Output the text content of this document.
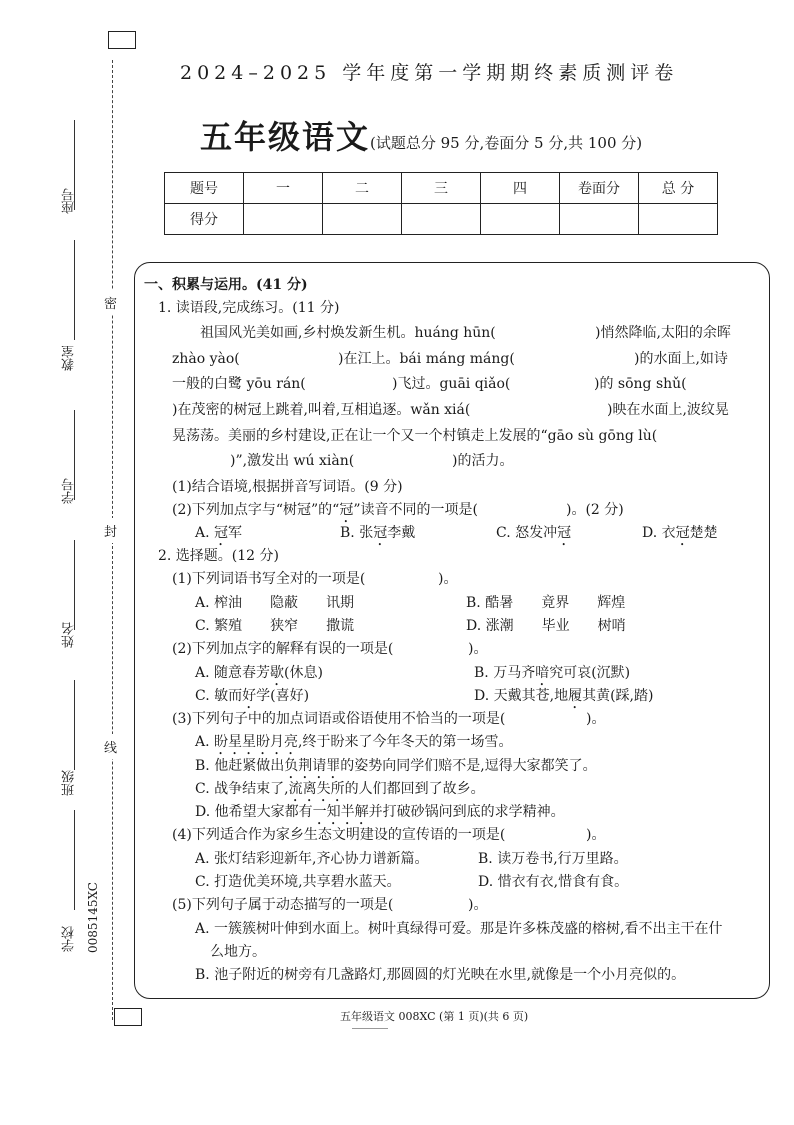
2024–2025 学年度第一学期期终素质测评卷
五年级语文(试题总分 95 分,卷面分 5 分,共 100 分)
题号	一	二	三	四	卷面分	总 分
得分						
座号
教室
学号
姓名
班级
学校 0085145XC
密
封
线
一、积累与运用。(41 分)
1. 读语段,完成练习。(11 分)
祖国风光美如画,乡村焕发新生机。huáng hūn(	)悄然降临,太阳的余晖
zhào yào(	)在江上。bái máng máng(	)的水面上,如诗
一般的白鹭 yōu rán(	)飞过。guāi qiǎo(	)的 sōng shǔ(
)在茂密的树冠上跳着,叫着,互相追逐。wǎn xiá(	)映在水面上,波纹晃
晃荡荡。美丽的乡村建设,正在让一个又一个村镇走上发展的“gāo sù gōng lù(
)”,激发出 wú xiàn(	)的活力。
(1)结合语境,根据拼音写词语。(9 分)
(2)下列加点字与“树冠”的“冠”读音不同的一项是(	)。(2 分)
A. 冠军	B. 张冠李戴	C. 怒发冲冠	D. 衣冠楚楚
2. 选择题。(12 分)
(1)下列词语书写全对的一项是(	)。
A. 榨油　　隐蔽　　讯期	B. 酷暑　　竟界　　辉煌
C. 繁殖　　狭窄　　撒谎	D. 涨潮　　毕业　　树哨
(2)下列加点字的解释有误的一项是(	)。
A. 随意春芳歇(休息)	B. 万马齐喑究可哀(沉默)
C. 敏而好学(喜好)	D. 天戴其苍,地履其黄(踩,踏)
(3)下列句子中的加点词语或俗语使用不恰当的一项是(	)。
A. 盼星星盼月亮,终于盼来了今年冬天的第一场雪。
B. 他赶紧做出负荆请罪的姿势向同学们赔不是,逗得大家都笑了。
C. 战争结束了,流离失所的人们都回到了故乡。
D. 他希望大家都有一知半解并打破砂锅问到底的求学精神。
(4)下列适合作为家乡生态文明建设的宣传语的一项是(	)。
A. 张灯结彩迎新年,齐心协力谱新篇。	B. 读万卷书,行万里路。
C. 打造优美环境,共享碧水蓝天。	D. 惜衣有衣,惜食有食。
(5)下列句子属于动态描写的一项是(	)。
A. 一簇簇树叶伸到水面上。树叶真绿得可爱。那是许多株茂盛的榕树,看不出主干在什
么地方。
B. 池子附近的树旁有几盏路灯,那圆圆的灯光映在水里,就像是一个小月亮似的。
五年级语文 008XC (第 1 页)(共 6 页)
